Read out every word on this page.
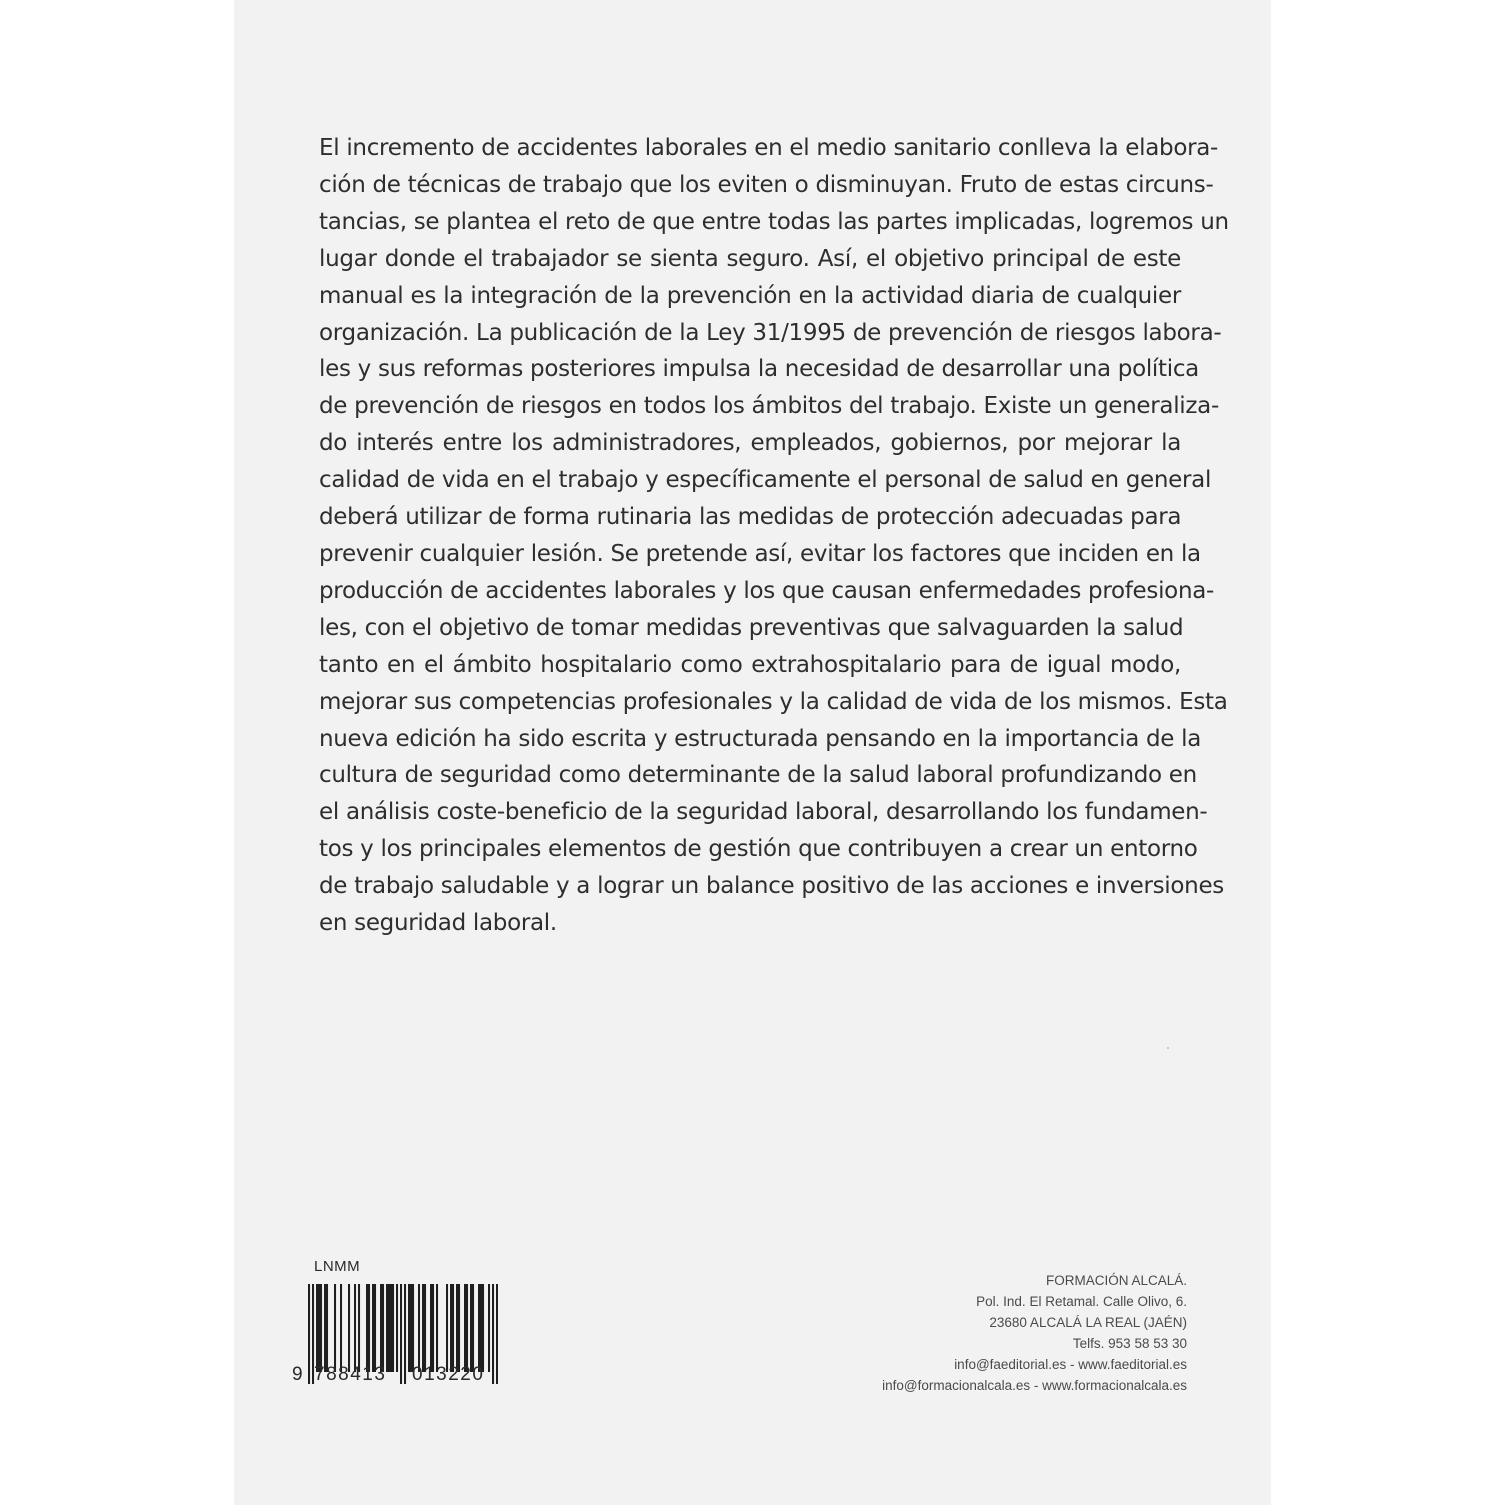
El incremento de accidentes laborales en el medio sanitario conlleva la elabora-
ción de técnicas de trabajo que los eviten o disminuyan. Fruto de estas circuns-
tancias, se plantea el reto de que entre todas las partes implicadas, logremos un
lugar donde el trabajador se sienta seguro. Así, el objetivo principal de este
manual es la integración de la prevención en la actividad diaria de cualquier
organización. La publicación de la Ley 31/1995 de prevención de riesgos labora-
les y sus reformas posteriores impulsa la necesidad de desarrollar una política
de prevención de riesgos en todos los ámbitos del trabajo. Existe un generaliza-
do interés entre los administradores, empleados, gobiernos, por mejorar la
calidad de vida en el trabajo y específicamente el personal de salud en general
deberá utilizar de forma rutinaria las medidas de protección adecuadas para
prevenir cualquier lesión. Se pretende así, evitar los factores que inciden en la
producción de accidentes laborales y los que causan enfermedades profesiona-
les, con el objetivo de tomar medidas preventivas que salvaguarden la salud
tanto en el ámbito hospitalario como extrahospitalario para de igual modo,
mejorar sus competencias profesionales y la calidad de vida de los mismos. Esta
nueva edición ha sido escrita y estructurada pensando en la importancia de la
cultura de seguridad como determinante de la salud laboral profundizando en
el análisis coste-beneficio de la seguridad laboral, desarrollando los fundamen-
tos y los principales elementos de gestión que contribuyen a crear un entorno
de trabajo saludable y a lograr un balance positivo de las acciones e inversiones
en seguridad laboral.
LNMM
9 788413 013220
FORMACIÓN ALCALÁ.
Pol. Ind. El Retamal. Calle Olivo, 6.
23680 ALCALÁ LA REAL (JAÉN)
Telfs. 953 58 53 30
info@faeditorial.es - www.faeditorial.es
info@formacionalcala.es - www.formacionalcala.es
